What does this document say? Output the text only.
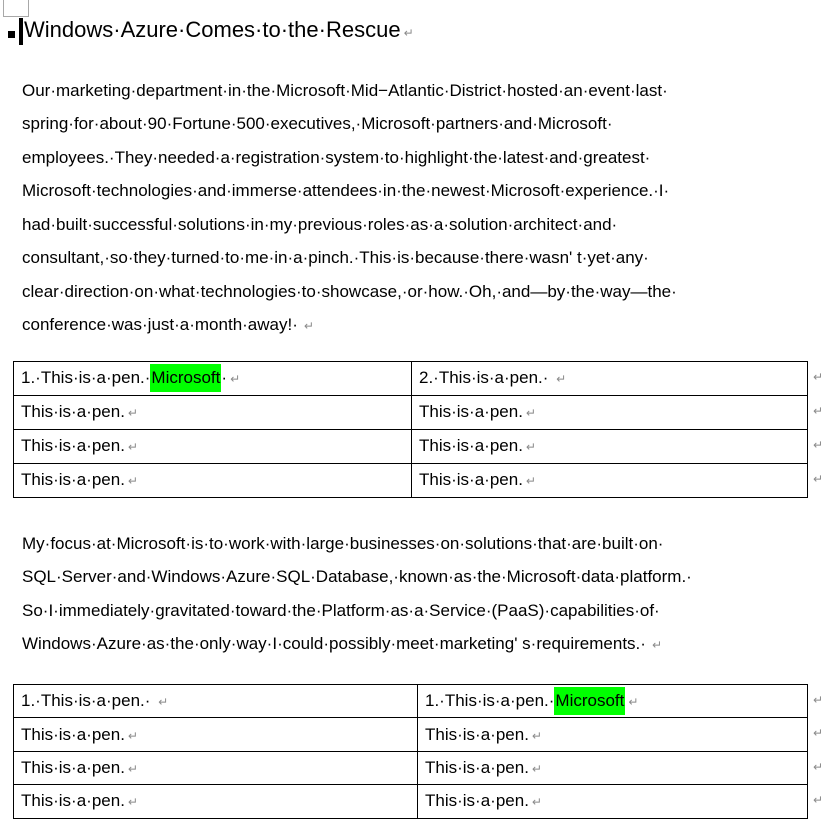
Windows·Azure·Comes·to·the·Rescue ↵
Our·marketing·department·in·the·Microsoft·Mid−Atlantic·District·hosted·an·event·last·
spring·for·about·90·Fortune·500·executives,·Microsoft·partners·and·Microsoft·
employees.·They·needed·a·registration·system·to·highlight·the·latest·and·greatest·
Microsoft·technologies·and·immerse·attendees·in·the·newest·Microsoft·experience.·I·
had·built·successful·solutions·in·my·previous·roles·as·a·solution·architect·and·
consultant,·so·they·turned·to·me·in·a·pinch.·This·is·because·there·wasn' t·yet·any·
clear·direction·on·what·technologies·to·showcase,·or·how.·Oh,·and—by·the·way—the·
conference·was·just·a·month·away!· ↵
1.·This·is·a·pen.·Microsoft· ↵	2.·This·is·a·pen.· ↵
This·is·a·pen. ↵	This·is·a·pen. ↵
This·is·a·pen. ↵	This·is·a·pen. ↵
This·is·a·pen. ↵	This·is·a·pen. ↵
↵
↵
↵
↵
My·focus·at·Microsoft·is·to·work·with·large·businesses·on·solutions·that·are·built·on·
SQL·Server·and·Windows·Azure·SQL·Database,·known·as·the·Microsoft·data·platform.·
So·I·immediately·gravitated·toward·the·Platform·as·a·Service·(PaaS)·capabilities·of·
Windows·Azure·as·the·only·way·I·could·possibly·meet·marketing' s·requirements.· ↵
1.·This·is·a·pen.· ↵	1.·This·is·a·pen.·Microsoft ↵
This·is·a·pen. ↵	This·is·a·pen. ↵
This·is·a·pen. ↵	This·is·a·pen. ↵
This·is·a·pen. ↵	This·is·a·pen. ↵
↵
↵
↵
↵
